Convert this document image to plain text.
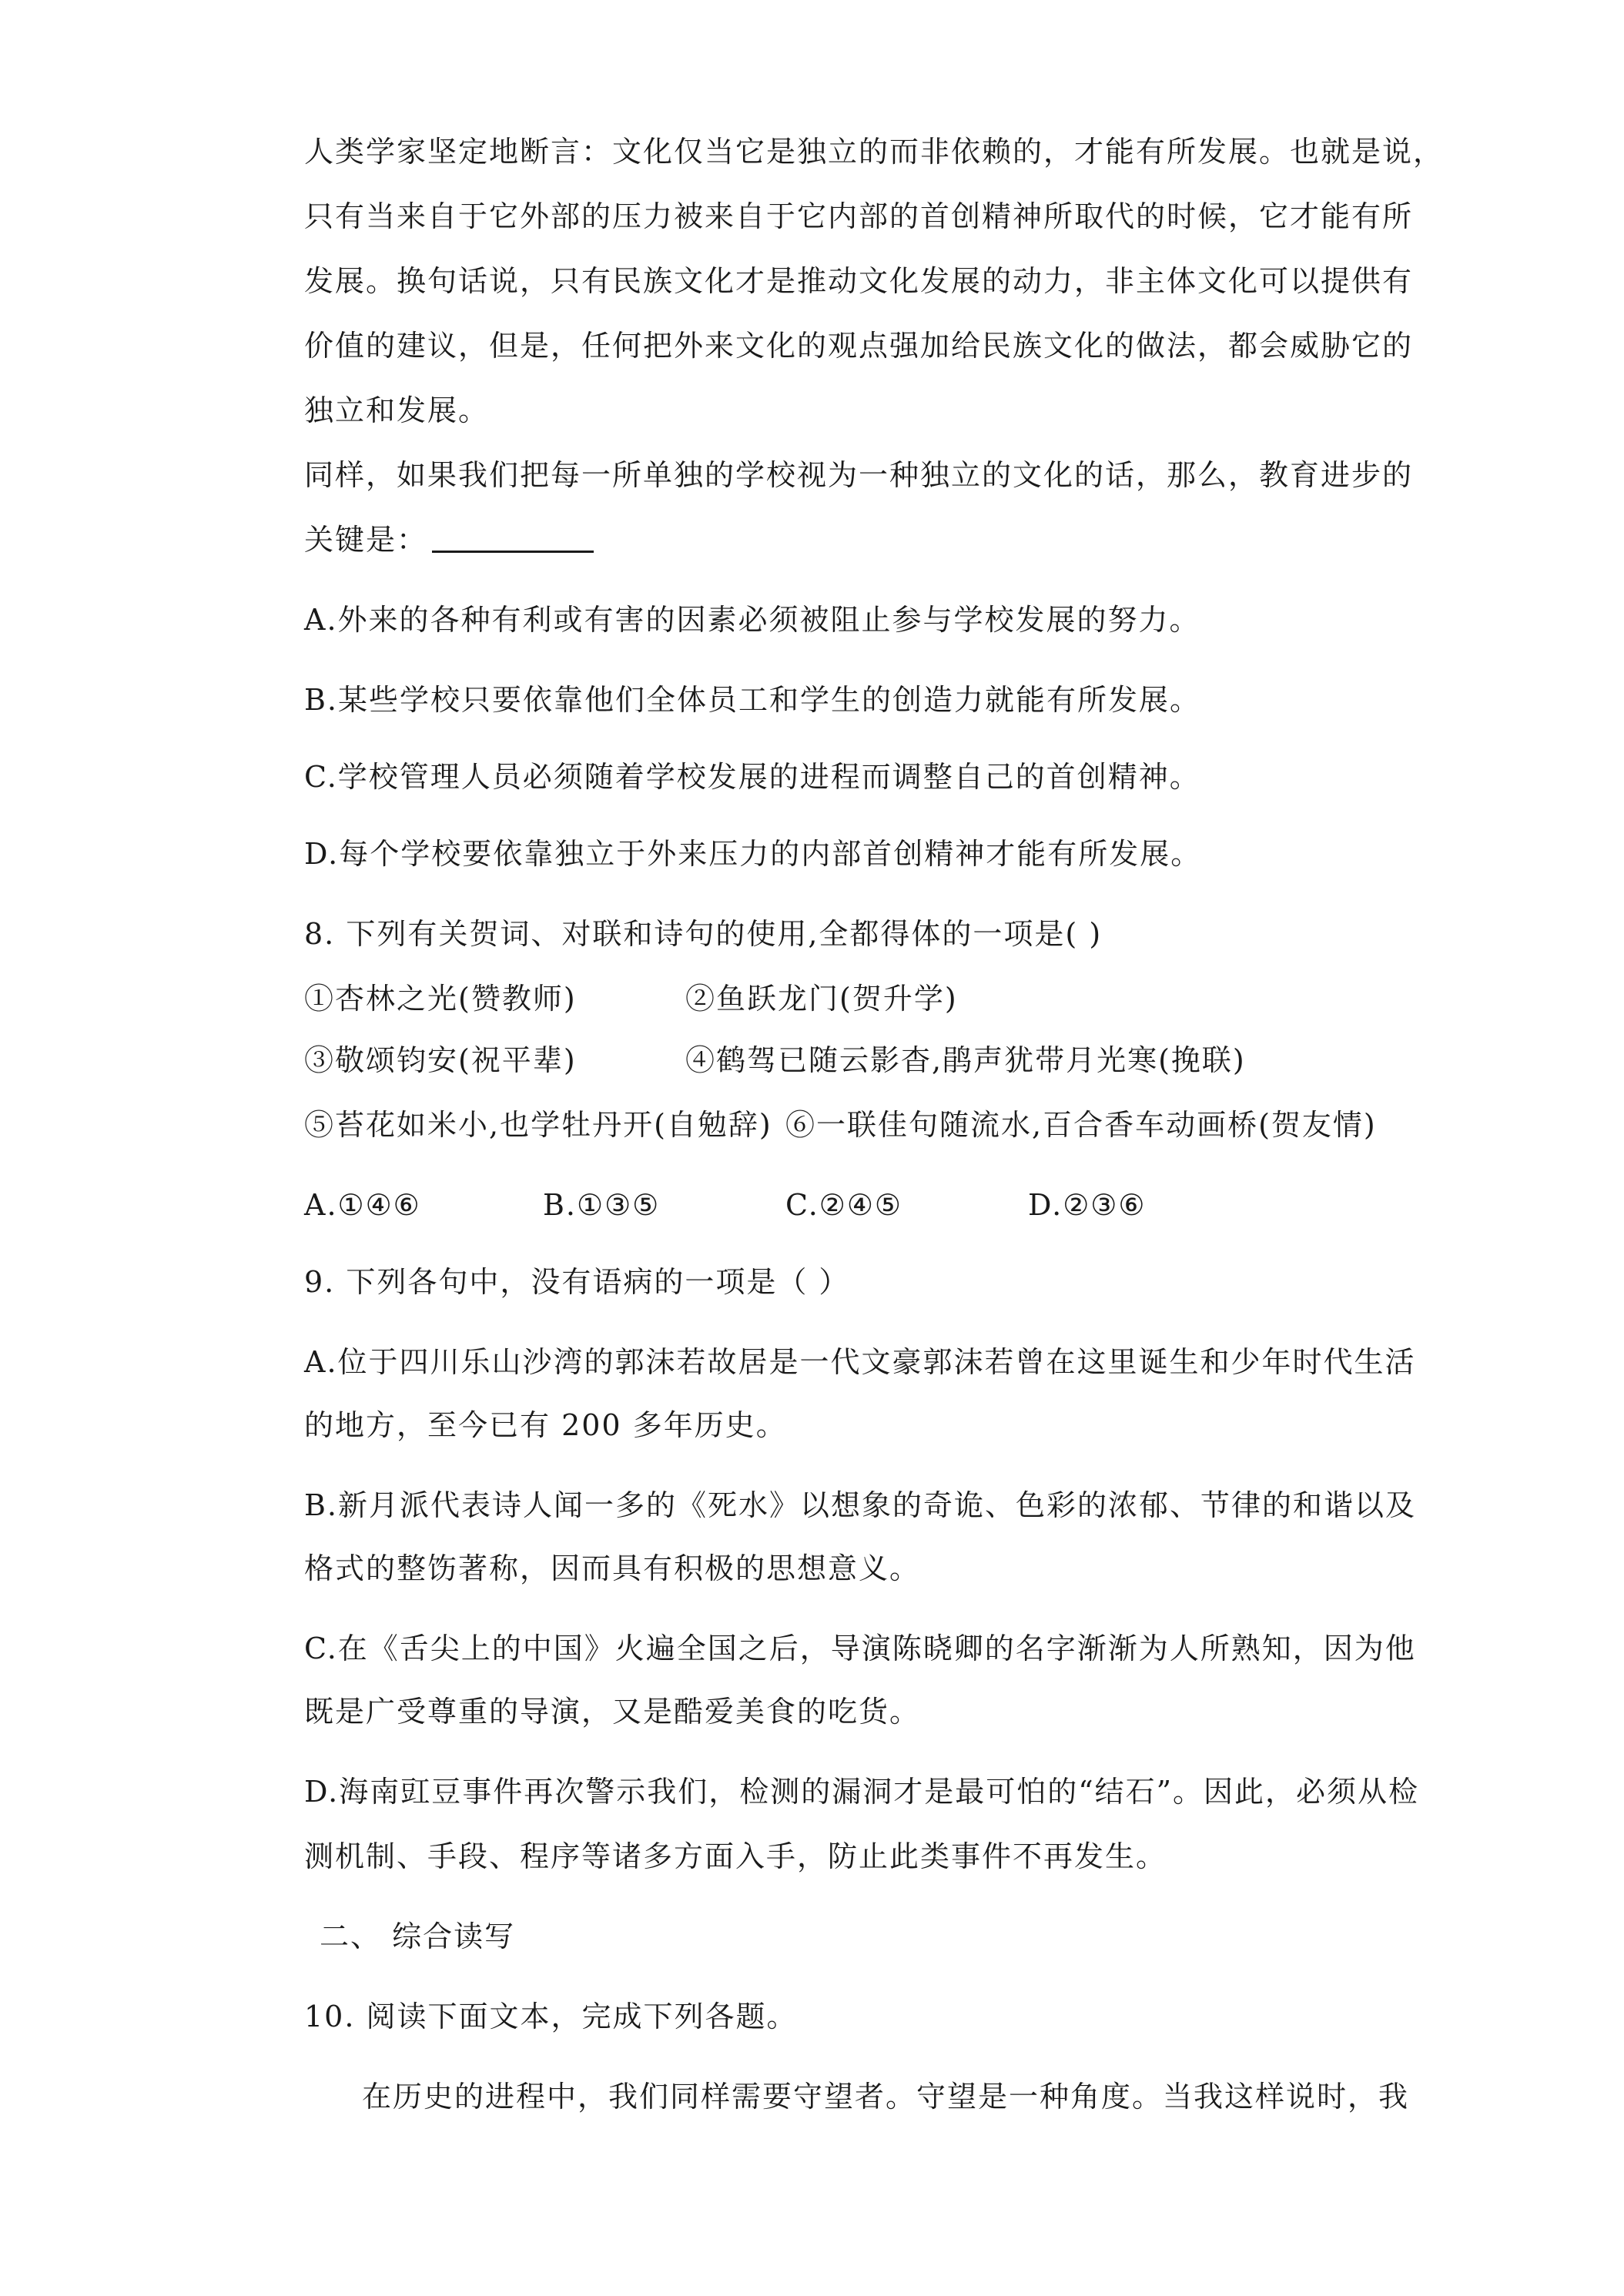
人类学家坚定地断言：文化仅当它是独立的而非依赖的，才能有所发展。也就是说，
只有当来自于它外部的压力被来自于它内部的首创精神所取代的时候，它才能有所
发展。换句话说，只有民族文化才是推动文化发展的动力，非主体文化可以提供有
价值的建议，但是，任何把外来文化的观点强加给民族文化的做法，都会威胁它的
独立和发展。
同样，如果我们把每一所单独的学校视为一种独立的文化的话，那么，教育进步的
关键是：
A.外来的各种有利或有害的因素必须被阻止参与学校发展的努力。
B.某些学校只要依靠他们全体员工和学生的创造力就能有所发展。
C.学校管理人员必须随着学校发展的进程而调整自己的首创精神。
D.每个学校要依靠独立于外来压力的内部首创精神才能有所发展。
8. 下列有关贺词、对联和诗句的使用,全都得体的一项是( )
①杏林之光(赞教师)	②鱼跃龙门(贺升学)
③敬颂钧安(祝平辈)	④鹤驾已随云影杳,鹃声犹带月光寒(挽联)
⑤苔花如米小,也学牡丹开(自勉辞) ⑥一联佳句随流水,百合香车动画桥(贺友情)
A.①④⑥	B.①③⑤	C.②④⑤	D.②③⑥
9. 下列各句中，没有语病的一项是（ ）
A.位于四川乐山沙湾的郭沫若故居是一代文豪郭沫若曾在这里诞生和少年时代生活
的地方，至今已有 200 多年历史。
B.新月派代表诗人闻一多的《死水》以想象的奇诡、色彩的浓郁、节律的和谐以及
格式的整饬著称，因而具有积极的思想意义。
C.在《舌尖上的中国》火遍全国之后，导演陈晓卿的名字渐渐为人所熟知，因为他
既是广受尊重的导演，又是酷爱美食的吃货。
D.海南豇豆事件再次警示我们，检测的漏洞才是最可怕的“结石”。因此，必须从检
测机制、手段、程序等诸多方面入手，防止此类事件不再发生。
二、 综合读写
10. 阅读下面文本，完成下列各题。
在历史的进程中，我们同样需要守望者。守望是一种角度。当我这样说时，我
